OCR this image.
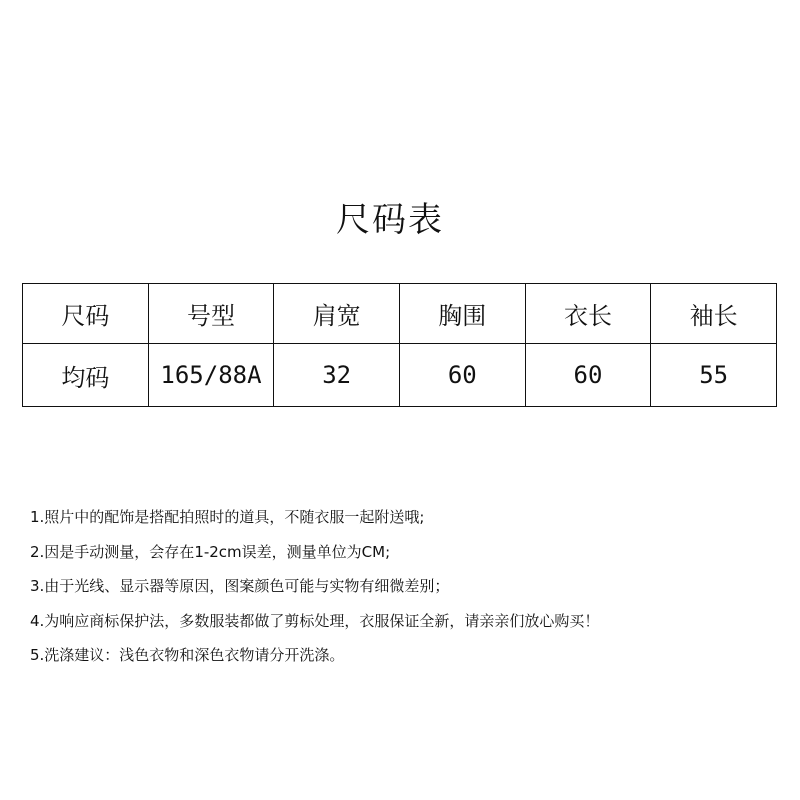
尺码表
尺码	号型	肩宽	胸围	衣长	袖长
均码	165/88A	32	60	60	55
1.照片中的配饰是搭配拍照时的道具，不随衣服一起附送哦;
2.因是手动测量，会存在1-2cm误差，测量单位为CM;
3.由于光线、显示器等原因，图案颜色可能与实物有细微差别；
4.为响应商标保护法，多数服装都做了剪标处理，衣服保证全新，请亲亲们放心购买！
5.洗涤建议：浅色衣物和深色衣物请分开洗涤。
